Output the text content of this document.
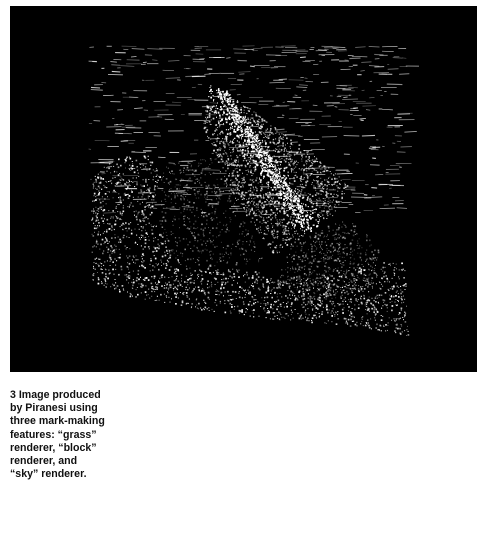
3 Image produced by Piranesi using three mark-making features: “grass” renderer, “block” renderer, and “sky” renderer.
